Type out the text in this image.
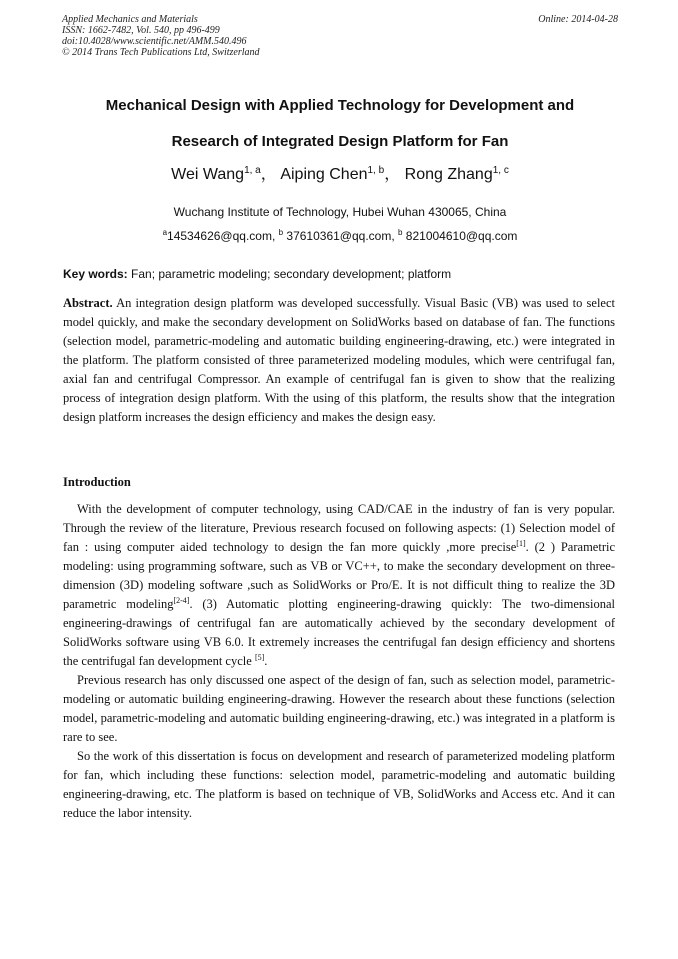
Applied Mechanics and Materials
ISSN: 1662-7482, Vol. 540, pp 496-499
doi:10.4028/www.scientific.net/AMM.540.496
© 2014 Trans Tech Publications Ltd, Switzerland
Online: 2014-04-28
Mechanical Design with Applied Technology for Development and
Research of Integrated Design Platform for Fan
Wei Wang$^{1, a}$， Aiping Chen$^{1, b}$， Rong Zhang$^{1, c}$
Wuchang Institute of Technology, Hubei Wuhan 430065, China
$^a$14534626@qq.com, $^b$ 37610361@qq.com, $^b$ 821004610@qq.com
Key words: Fan; parametric modeling; secondary development; platform
Abstract. An integration design platform was developed successfully. Visual Basic (VB) was used to select model quickly, and make the secondary development on SolidWorks based on database of fan. The functions (selection model, parametric-modeling and automatic building engineering-drawing, etc.) were integrated in the platform. The platform consisted of three parameterized modeling modules, which were centrifugal fan, axial fan and centrifugal Compressor. An example of centrifugal fan is given to show that the realizing process of integration design platform. With the using of this platform, the results show that the integration design platform increases the design efficiency and makes the design easy.
Introduction

With the development of computer technology, using CAD/CAE in the industry of fan is very popular. Through the review of the literature, Previous research focused on following aspects: (1) Selection model of fan : using computer aided technology to design the fan more quickly ,more precise[1]. (2 ) Parametric modeling: using programming software, such as VB or VC++, to make the secondary development on three-dimension (3D) modeling software ,such as SolidWorks or Pro/E. It is not difficult thing to realize the 3D parametric modeling[2-4]. (3) Automatic plotting engineering-drawing quickly: The two-dimensional engineering-drawings of centrifugal fan are automatically achieved by the secondary development of SolidWorks software using VB 6.0. It extremely increases the centrifugal fan design efficiency and shortens the centrifugal fan development cycle [5].

Previous research has only discussed one aspect of the design of fan, such as selection model, parametric-modeling or automatic building engineering-drawing. However the research about these functions (selection model, parametric-modeling and automatic building engineering-drawing, etc.) was integrated in a platform is rare to see.

So the work of this dissertation is focus on development and research of parameterized modeling platform for fan, which including these functions: selection model, parametric-modeling and automatic building engineering-drawing, etc. The platform is based on technique of VB, SolidWorks and Access etc. And it can reduce the labor intensity.
